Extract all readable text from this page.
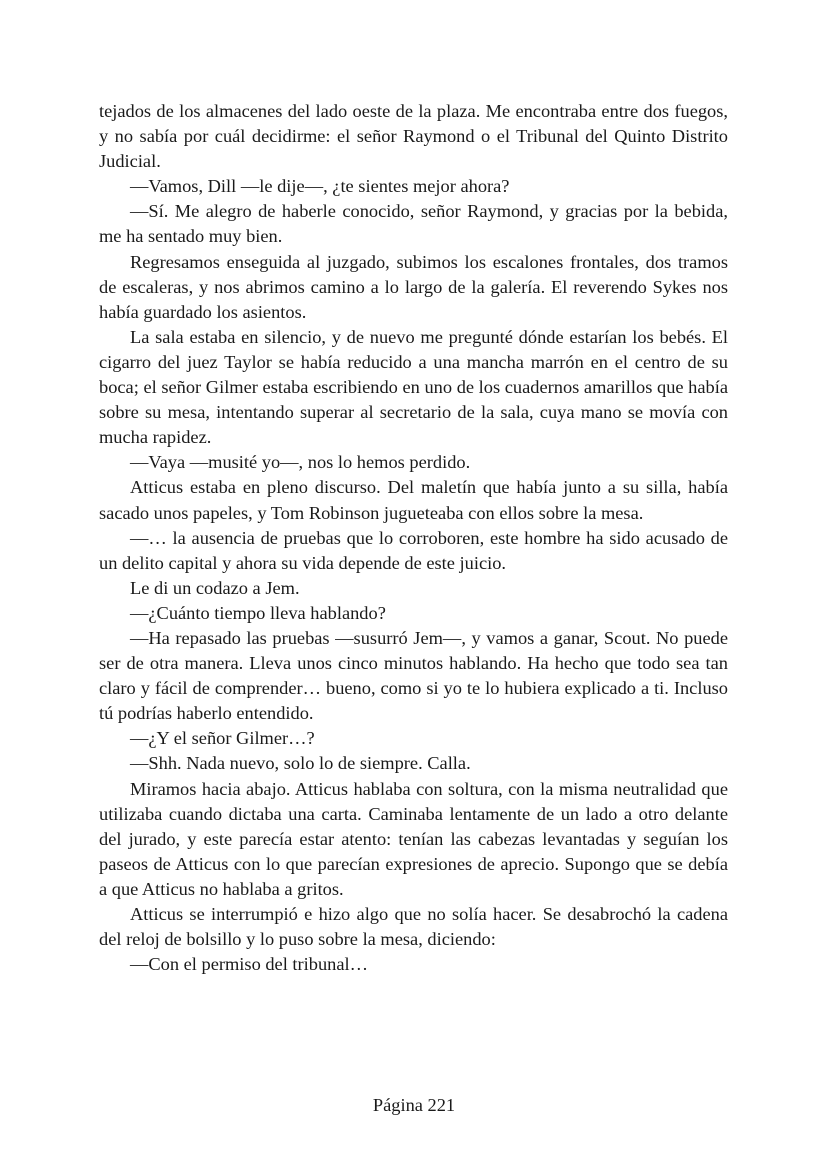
tejados de los almacenes del lado oeste de la plaza. Me encontraba entre dos fuegos, y no sabía por cuál decidirme: el señor Raymond o el Tribunal del Quinto Distrito Judicial.

—Vamos, Dill —le dije—, ¿te sientes mejor ahora?

—Sí. Me alegro de haberle conocido, señor Raymond, y gracias por la bebida, me ha sentado muy bien.

Regresamos enseguida al juzgado, subimos los escalones frontales, dos tramos de escaleras, y nos abrimos camino a lo largo de la galería. El reverendo Sykes nos había guardado los asientos.

La sala estaba en silencio, y de nuevo me pregunté dónde estarían los bebés. El cigarro del juez Taylor se había reducido a una mancha marrón en el centro de su boca; el señor Gilmer estaba escribiendo en uno de los cuadernos amarillos que había sobre su mesa, intentando superar al secretario de la sala, cuya mano se movía con mucha rapidez.

—Vaya —musité yo—, nos lo hemos perdido.

Atticus estaba en pleno discurso. Del maletín que había junto a su silla, había sacado unos papeles, y Tom Robinson jugueteaba con ellos sobre la mesa.

—… la ausencia de pruebas que lo corroboren, este hombre ha sido acusado de un delito capital y ahora su vida depende de este juicio.

Le di un codazo a Jem.

—¿Cuánto tiempo lleva hablando?

—Ha repasado las pruebas —susurró Jem—, y vamos a ganar, Scout. No puede ser de otra manera. Lleva unos cinco minutos hablando. Ha hecho que todo sea tan claro y fácil de comprender… bueno, como si yo te lo hubiera explicado a ti. Incluso tú podrías haberlo entendido.

—¿Y el señor Gilmer…?

—Shh. Nada nuevo, solo lo de siempre. Calla.

Miramos hacia abajo. Atticus hablaba con soltura, con la misma neutralidad que utilizaba cuando dictaba una carta. Caminaba lentamente de un lado a otro delante del jurado, y este parecía estar atento: tenían las cabezas levantadas y seguían los paseos de Atticus con lo que parecían expresiones de aprecio. Supongo que se debía a que Atticus no hablaba a gritos.

Atticus se interrumpió e hizo algo que no solía hacer. Se desabrochó la cadena del reloj de bolsillo y lo puso sobre la mesa, diciendo:

—Con el permiso del tribunal…

Página 221
